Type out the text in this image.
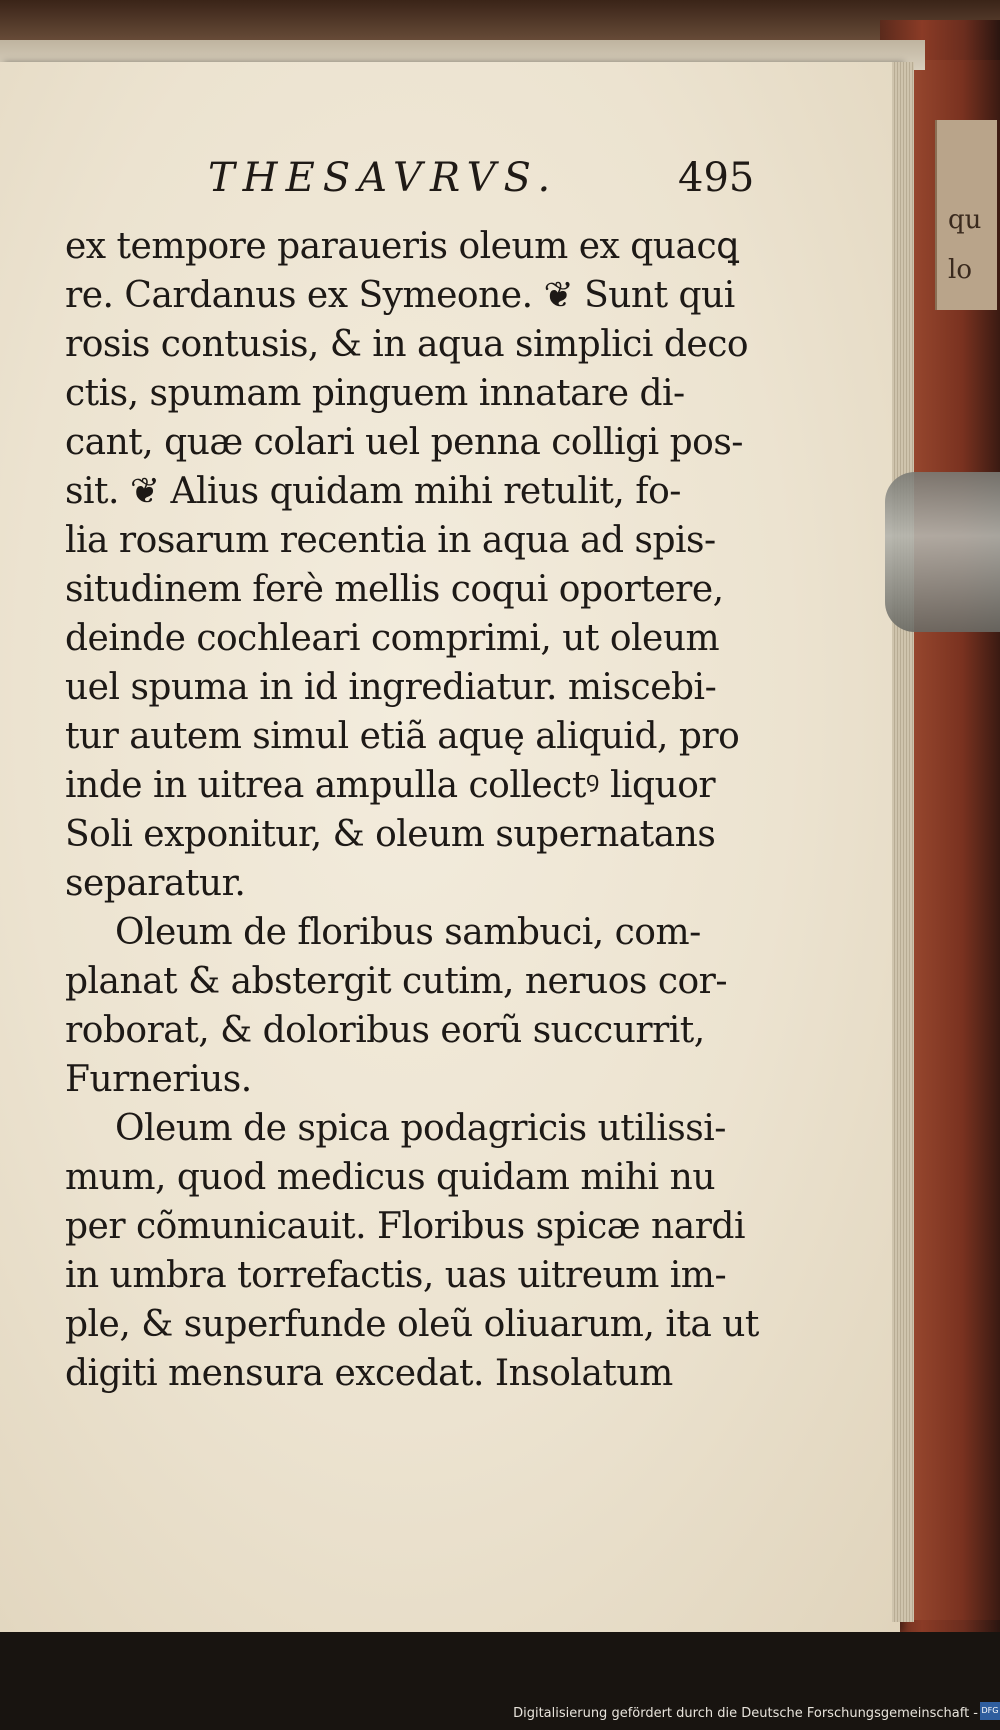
qu
lo
THESAVRVS.	495
ex tempore paraueris oleum ex quacꝗ
re. Cardanus ex Symeone. ❦ Sunt qui
rosis contusis, & in aqua simplici deco
ctis, spumam pinguem innatare di-
cant, quæ colari uel penna colligi pos-
sit. ❦ Alius quidam mihi retulit, fo-
lia rosarum recentia in aqua ad spis-
situdinem ferè mellis coqui oportere,
deinde cochleari comprimi, ut oleum
uel spuma in id ingrediatur. miscebi-
tur autem simul etiã aquę aliquid, pro
inde in uitrea ampulla collectꝰ liquor
Soli exponitur, & oleum supernatans
separatur.
Oleum de floribus sambuci, com-
planat & abstergit cutim, neruos cor-
roborat, & doloribus eorũ succurrit,
Furnerius.
Oleum de spica podagricis utilissi-
mum, quod medicus quidam mihi nu
per cõmunicauit. Floribus spicæ nardi
in umbra torrefactis, uas uitreum im-
ple, & superfunde oleũ oliuarum, ita ut
digiti mensura excedat. Insolatum
Digitalisierung gefördert durch die Deutsche Forschungsgemeinschaft - DFG
